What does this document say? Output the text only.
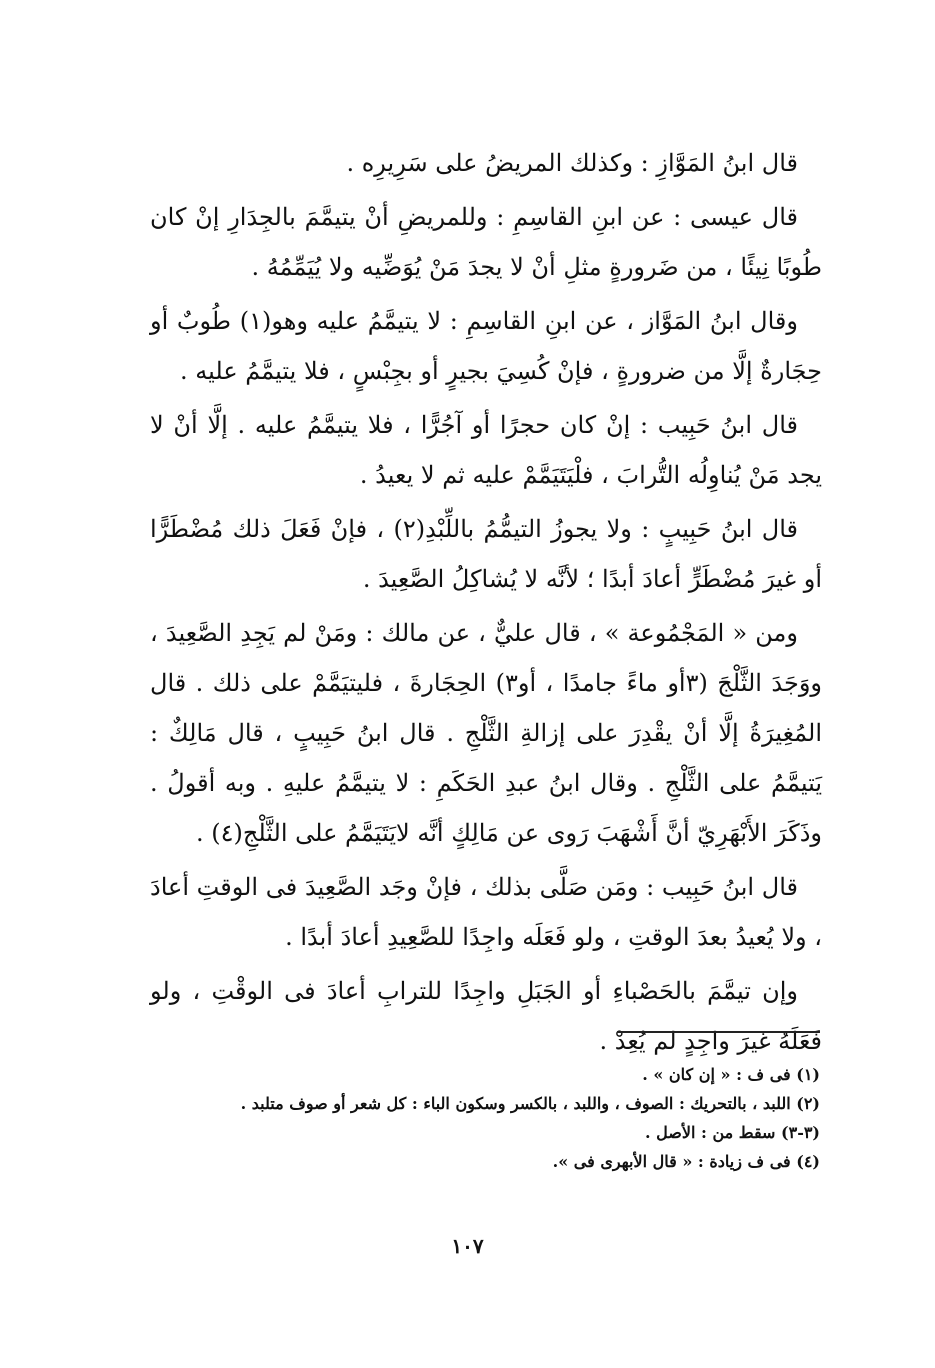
قال ابنُ المَوَّازِ : وكذلك المريضُ على سَرِيرِه .

قال عيسى : عن ابنِ القاسِمِ : وللمريضِ أنْ يتيمَّمَ بالجِدَارِ إنْ كان طُوبًا نِيئًا ، من ضَرورةٍ مثلِ أنْ لا يجدَ مَنْ يُوَضِّيه ولا يُيَمِّمُهُ .

وقال ابنُ المَوَّاز ، عن ابنِ القاسِمِ : لا يتيمَّمُ عليه وهو(١) طُوبٌ أو حِجَارةٌ إلَّا من ضرورةٍ ، فإنْ كُسِيَ بجيرٍ أو بجِبْسٍ ، فلا يتيمَّمُ عليه .

قال ابنُ حَبِيب : إنْ كان حجرًا أو آجُرًّا ، فلا يتيمَّمُ عليه . إلَّا أنْ لا يجد مَنْ يُناوِلُه التُّرابَ ، فلْيَتَيَمَّمْ عليه ثم لا يعيدُ .

قال ابنُ حَبِيبٍ : ولا يجوزُ التيمُّمُ باللِّبْدِ(٢) ، فإنْ فَعَلَ ذلك مُضْطَرًّا أو غيرَ مُضْطَرٍّ أعادَ أبدًا ؛ لأنَّه لا يُشاكِلُ الصَّعِيدَ .

ومن « المَجْمُوعة » ، قال عليٌّ ، عن مالك : ومَنْ لم يَجِدِ الصَّعِيدَ ، ووَجَدَ الثَّلْجَ (٣أو ماءً جامدًا ، أو٣) الحِجَارةَ ، فليتيَمَّمْ على ذلك . قال المُغِيرَةُ إلَّا أنْ يقْدِرَ على إزالةِ الثَّلْجِ . قال ابنُ حَبِيبٍ ، قال مَالِكٌ : يَتيمَّمُ على الثَّلْجِ . وقال ابنُ عبدِ الحَكَمِ : لا يتيمَّمُ عليهِ . وبه أقولُ . وذَكَرَ الأَبْهَرِيّ أنَّ أَشْهَبَ رَوى عن مَالِكٍ أنَّه لايَتَيَمَّمُ على الثَّلْجِ(٤) .

قال ابنُ حَبِيب : ومَن صَلَّى بذلك ، فإنْ وجَد الصَّعِيدَ فى الوقتِ أعادَ ، ولا يُعيدُ بعدَ الوقتِ ، ولو فَعَلَه واجِدًا للصَّعِيدِ أعادَ أبدًا .

وإن تيمَّمَ بالحَصْباءِ أو الجَبَلِ واجِدًا للترابِ أعادَ فى الوقْتِ ، ولو فَعَلَهُ غيرَ واجِدٍ لم يُعِدْ .

(١) فى ف : « إن كان » .

(٢) اللبد ، بالتحريك : الصوف ، واللبد ، بالكسر وسكون الباء : كل شعر أو صوف متلبد .

(٣-٣) سقط من : الأصل .

(٤) فى ف زيادة : « قال الأبهرى فى ».

١٠٧
